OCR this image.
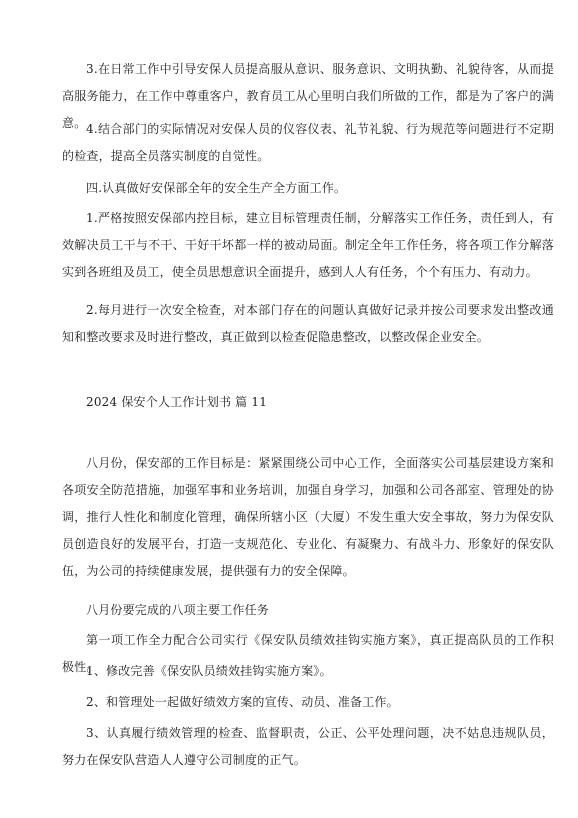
3.在日常工作中引导安保人员提高服从意识、服务意识、文明执勤、礼貌待客，从而提高服务能力，在工作中尊重客户，教育员工从心里明白我们所做的工作，都是为了客户的满意。 4.结合部门的实际情况对安保人员的仪容仪表、礼节礼貌、行为规范等问题进行不定期的检查，提高全员落实制度的自觉性。

四.认真做好安保部全年的安全生产全方面工作。

1.严格按照安保部内控目标，建立目标管理责任制，分解落实工作任务，责任到人，有效解决员工干与不干、干好干坏都一样的被动局面。制定全年工作任务，将各项工作分解落实到各班组及员工，使全员思想意识全面提升，感到人人有任务，个个有压力、有动力。

2.每月进行一次安全检查，对本部门存在的问题认真做好记录并按公司要求发出整改通知和整改要求及时进行整改，真正做到以检查促隐患整改，以整改保企业安全。

2024 保安个人工作计划书 篇 11

八月份，保安部的工作目标是：紧紧围绕公司中心工作，全面落实公司基层建设方案和各项安全防范措施，加强军事和业务培训，加强自身学习，加强和公司各部室、管理处的协调，推行人性化和制度化管理，确保所辖小区（大厦）不发生重大安全事故，努力为保安队员创造良好的发展平台，打造一支规范化、专业化、有凝聚力、有战斗力、形象好的保安队伍，为公司的持续健康发展，提供强有力的安全保障。

八月份要完成的八项主要工作任务

第一项工作全力配合公司实行《保安队员绩效挂钩实施方案》，真正提高队员的工作积极性。

1、修改完善《保安队员绩效挂钩实施方案》。

2、和管理处一起做好绩效方案的宣传、动员、准备工作。

3、认真履行绩效管理的检查、监督职责，公正、公平处理问题，决不姑息违规队员，努力在保安队营造人人遵守公司制度的正气。
